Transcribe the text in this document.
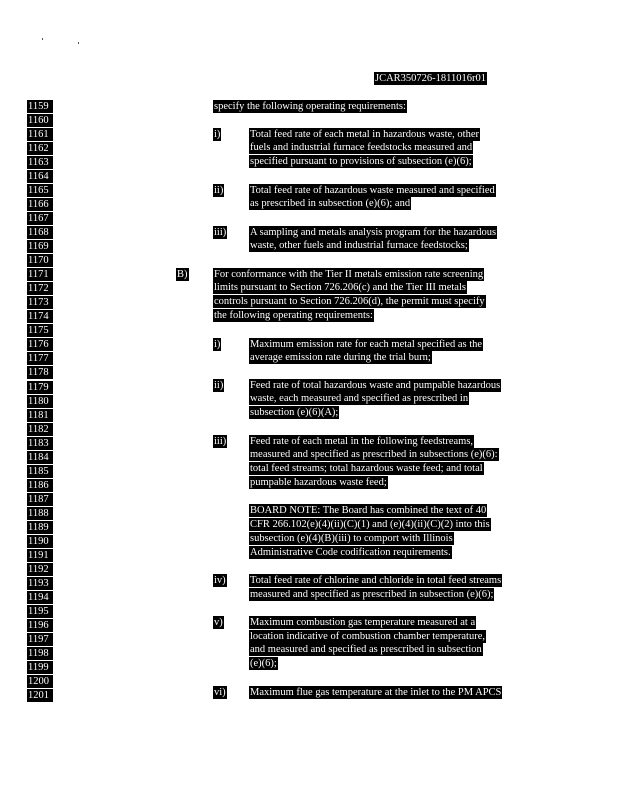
JCAR350726-1811016r01
1159
1160
1161
1162
1163
1164
1165
1166
1167
1168
1169
1170
1171
1172
1173
1174
1175
1176
1177
1178
1179
1180
1181
1182
1183
1184
1185
1186
1187
1188
1189
1190
1191
1192
1193
1194
1195
1196
1197
1198
1199
1200
1201
specify the following operating requirements:
i)	Total feed rate of each metal in hazardous waste, other
fuels and industrial furnace feedstocks measured and
specified pursuant to provisions of subsection (e)(6);
ii)	Total feed rate of hazardous waste measured and specified
as prescribed in subsection (e)(6); and
iii) A sampling and metals analysis program for the hazardous
waste, other fuels and industrial furnace feedstocks;
B)	For conformance with the Tier II metals emission rate screening
limits pursuant to Section 726.206(c) and the Tier III metals
controls pursuant to Section 726.206(d), the permit must specify
the following operating requirements:
i)	Maximum emission rate for each metal specified as the
average emission rate during the trial burn;
ii)	Feed rate of total hazardous waste and pumpable hazardous
waste, each measured and specified as prescribed in
subsection (e)(6)(A);
iii) Feed rate of each metal in the following feedstreams,
measured and specified as prescribed in subsections (e)(6):
total feed streams; total hazardous waste feed; and total
pumpable hazardous waste feed;
BOARD NOTE: The Board has combined the text of 40
CFR 266.102(e)(4)(ii)(C)(1) and (e)(4)(ii)(C)(2) into this
subsection (e)(4)(B)(iii) to comport with Illinois
Administrative Code codification requirements.
iv) Total feed rate of chlorine and chloride in total feed streams
measured and specified as prescribed in subsection (e)(6);
v)	Maximum combustion gas temperature measured at a
location indicative of combustion chamber temperature,
and measured and specified as prescribed in subsection
(e)(6);
vi) Maximum flue gas temperature at the inlet to the PM APCS
